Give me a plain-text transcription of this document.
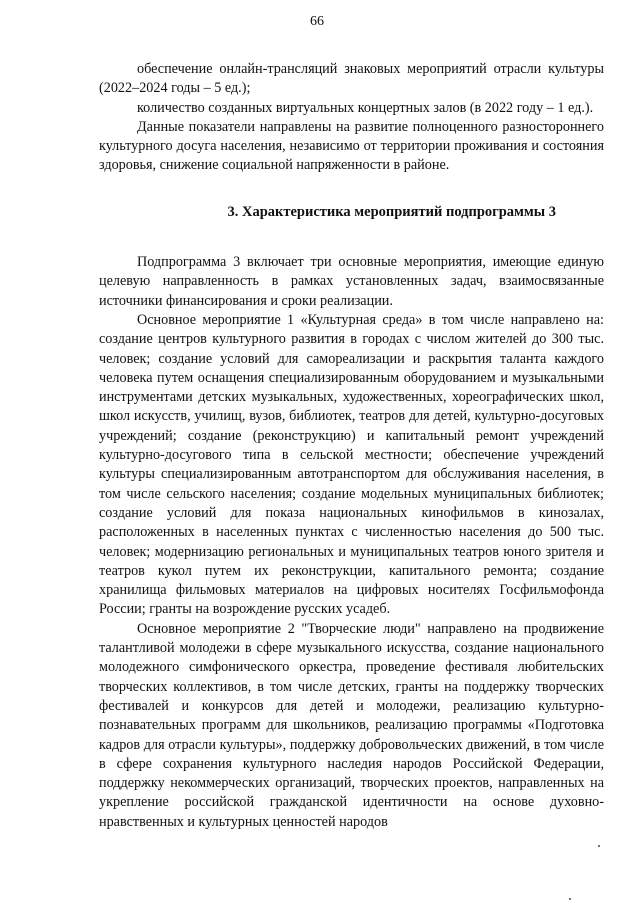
66

обеспечение онлайн-трансляций знаковых мероприятий отрасли культуры (2022–2024 годы – 5 ед.);

количество созданных виртуальных концертных залов (в 2022 году – 1 ед.).

Данные показатели направлены на развитие полноценного разностороннего культурного досуга населения, независимо от территории проживания и состояния здоровья, снижение социальной напряженности в районе.

3. Характеристика мероприятий подпрограммы 3

Подпрограмма 3 включает три основные мероприятия, имеющие единую целевую направленность в рамках установленных задач, взаимосвязанные источники финансирования и сроки реализации.

Основное мероприятие 1 «Культурная среда» в том числе направлено на: создание центров культурного развития в городах с числом жителей до 300 тыс. человек; создание условий для самореализации и раскрытия таланта каждого человека путем оснащения специализированным оборудованием и музыкальными инструментами детских музыкальных, художественных, хореографических школ, школ искусств, училищ, вузов, библиотек, театров для детей, культурно-досуговых учреждений; создание (реконструкцию) и капитальный ремонт учреждений культурно-досугового типа в сельской местности; обеспечение учреждений культуры специализированным автотранспортом для обслуживания населения, в том числе сельского населения; создание модельных муниципальных библиотек; создание условий для показа национальных кинофильмов в кинозалах, расположенных в населенных пунктах с численностью населения до 500 тыс. человек; модернизацию региональных и муниципальных театров юного зрителя и театров кукол путем их реконструкции, капитального ремонта; создание хранилища фильмовых материалов на цифровых носителях Госфильмофонда России; гранты на возрождение русских усадеб.

Основное мероприятие 2 "Творческие люди" направлено на продвижение талантливой молодежи в сфере музыкального искусства, создание национального молодежного симфонического оркестра, проведение фестиваля любительских творческих коллективов, в том числе детских, гранты на поддержку творческих фестивалей и конкурсов для детей и молодежи, реализацию культурно-познавательных программ для школьников, реализацию программы «Подготовка кадров для отрасли культуры», поддержку добровольческих движений, в том числе в сфере сохранения культурного наследия народов Российской Федерации, поддержку некоммерческих организаций, творческих проектов, направленных на укрепление российской гражданской идентичности на основе духовно-нравственных и культурных ценностей народов
